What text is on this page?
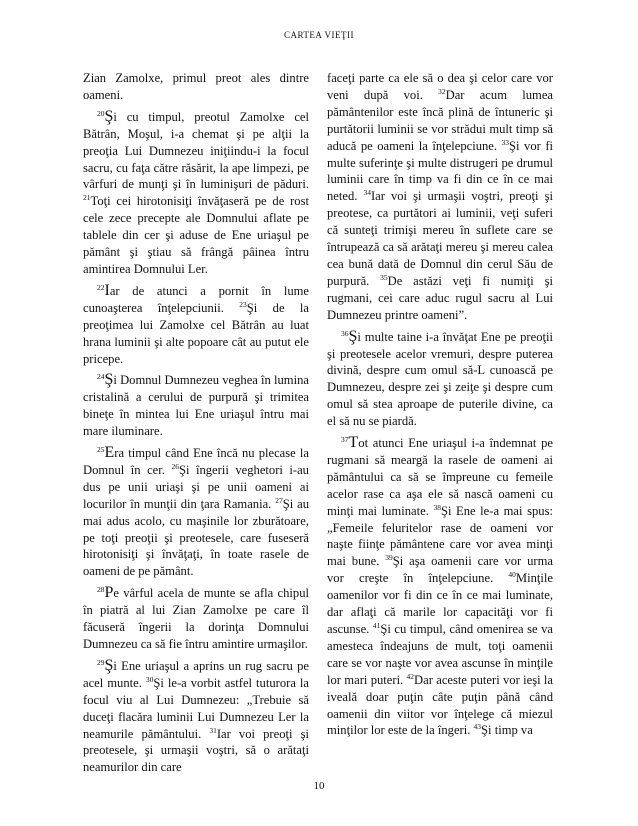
CARTEA VIEŢII

Zian Zamolxe, primul preot ales dintre oameni.

$^{20}$Şi cu timpul, preotul Zamolxe cel Bătrân, Moşul, i-a chemat şi pe alţii la preoţia Lui Dumnezeu iniţiindu-i la focul sacru, cu faţa către răsărit, la ape limpezi, pe vârfuri de munţi şi în luminişuri de păduri. $^{21}$Toţi cei hirotonisiţi învăţaseră pe de rost cele zece precepte ale Domnului aflate pe tablele din cer şi aduse de Ene uriaşul pe pământ şi ştiau să frângă pâinea întru amintirea Domnului Ler.

$^{22}$Iar de atunci a pornit în lume cunoaşterea înţelepciunii. $^{23}$Şi de la preoţimea lui Zamolxe cel Bătrân au luat hrana luminii şi alte popoare cât au putut ele pricepe.

$^{24}$Şi Domnul Dumnezeu veghea în lumina cristalină a cerului de purpură şi trimitea bineţe în mintea lui Ene uriaşul întru mai mare iluminare.

$^{25}$Era timpul când Ene încă nu plecase la Domnul în cer. $^{26}$Şi îngerii veghetori i-au dus pe unii uriaşi şi pe unii oameni ai locurilor în munţii din ţara Ramania. $^{27}$Şi au mai adus acolo, cu maşinile lor zburătoare, pe toţi preoţii şi preotesele, care fuseseră hirotonisiţi şi învăţaţi, în toate rasele de oameni de pe pământ.

$^{28}$Pe vârful acela de munte se afla chipul în piatră al lui Zian Zamolxe pe care îl făcuseră îngerii la dorinţa Domnului Dumnezeu ca să fie întru amintire urmaşilor.

$^{29}$Şi Ene uriaşul a aprins un rug sacru pe acel munte. $^{30}$Şi le-a vorbit astfel tuturora la focul viu al Lui Dumnezeu: „Trebuie să duceţi flacăra luminii Lui Dumnezeu Ler la neamurile pământului. $^{31}$Iar voi preoţi şi preotesele, şi urmaşii voştri, să o arătaţi neamurilor din care

faceţi parte ca ele să o dea şi celor care vor veni după voi. $^{32}$Dar acum lumea pământenilor este încă plină de întuneric şi purtătorii luminii se vor strădui mult timp să aducă pe oameni la înţelepciune. $^{33}$Şi vor fi multe suferinţe şi multe distrugeri pe drumul luminii care în timp va fi din ce în ce mai neted. $^{34}$Iar voi şi urmaşii voştri, preoţi şi preotese, ca purtători ai luminii, veţi suferi că sunteţi trimişi mereu în suflete care se întrupează ca să arătaţi mereu şi mereu calea cea bună dată de Domnul din cerul Său de purpură. $^{35}$De astăzi veţi fi numiţi şi rugmani, cei care aduc rugul sacru al Lui Dumnezeu printre oameni”.

$^{36}$Şi multe taine i-a învăţat Ene pe preoţii şi preotesele acelor vremuri, despre puterea divină, despre cum omul să-L cunoască pe Dumnezeu, despre zei şi zeiţe şi despre cum omul să stea aproape de puterile divine, ca el să nu se piardă.

$^{37}$Tot atunci Ene uriaşul i-a îndemnat pe rugmani să meargă la rasele de oameni ai pământului ca să se împreune cu femeile acelor rase ca aşa ele să nască oameni cu minţi mai luminate. $^{38}$Şi Ene le-a mai spus: „Femeile feluritelor rase de oameni vor naşte fiinţe pământene care vor avea minţi mai bune. $^{39}$Şi aşa oamenii care vor urma vor creşte în înţelepciune. $^{40}$Minţile oamenilor vor fi din ce în ce mai luminate, dar aflaţi că marile lor capacităţi vor fi ascunse. $^{41}$Şi cu timpul, când omenirea se va amesteca îndeajuns de mult, toţi oamenii care se vor naşte vor avea ascunse în minţile lor mari puteri. $^{42}$Dar aceste puteri vor ieşi la iveală doar puţin câte puţin până când oamenii din viitor vor înţelege că miezul minţilor lor este de la îngeri. $^{43}$Şi timp va

10
